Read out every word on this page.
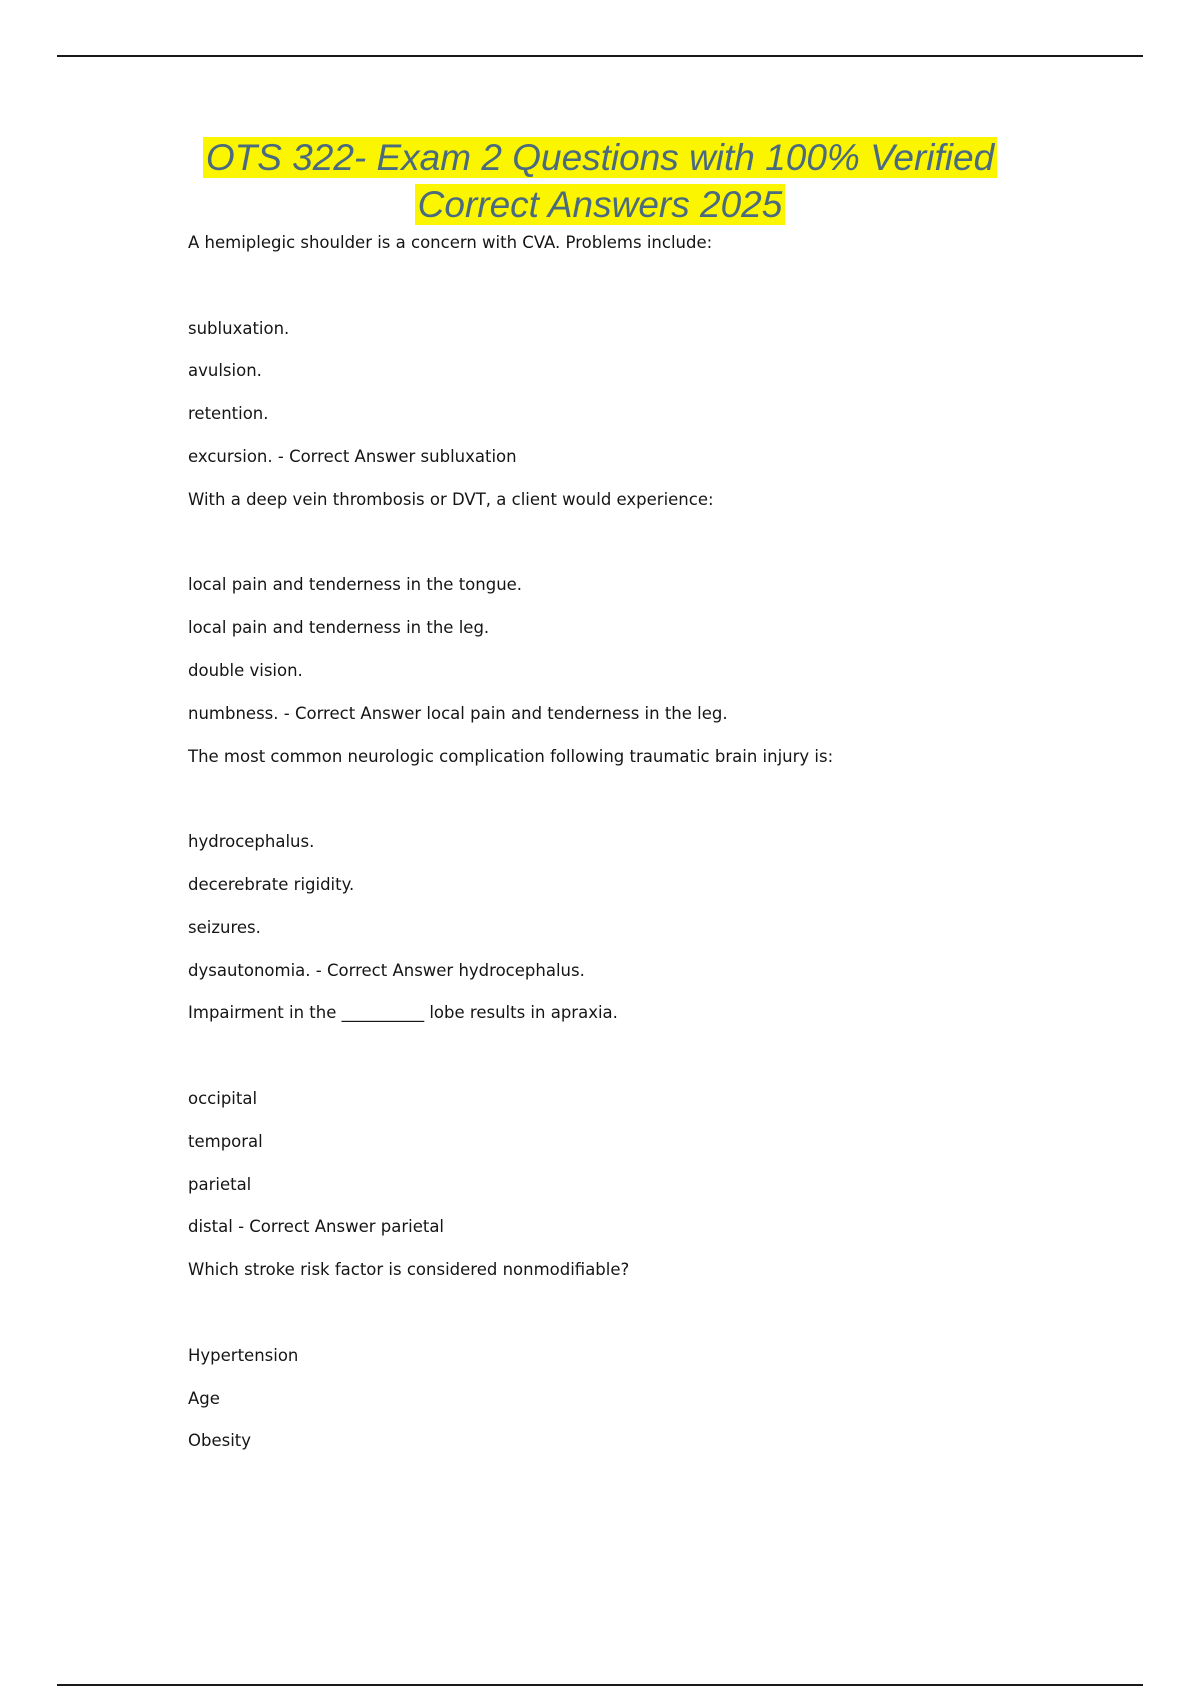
OTS 322- Exam 2 Questions with 100% Verified
Correct Answers 2025
A hemiplegic shoulder is a concern with CVA. Problems include:
subluxation.
avulsion.
retention.
excursion. - Correct Answer subluxation
With a deep vein thrombosis or DVT, a client would experience:
local pain and tenderness in the tongue.
local pain and tenderness in the leg.
double vision.
numbness. - Correct Answer local pain and tenderness in the leg.
The most common neurologic complication following traumatic brain injury is:
hydrocephalus.
decerebrate rigidity.
seizures.
dysautonomia. - Correct Answer hydrocephalus.
Impairment in the __________ lobe results in apraxia.
occipital
temporal
parietal
distal - Correct Answer parietal
Which stroke risk factor is considered nonmodifiable?
Hypertension
Age
Obesity
